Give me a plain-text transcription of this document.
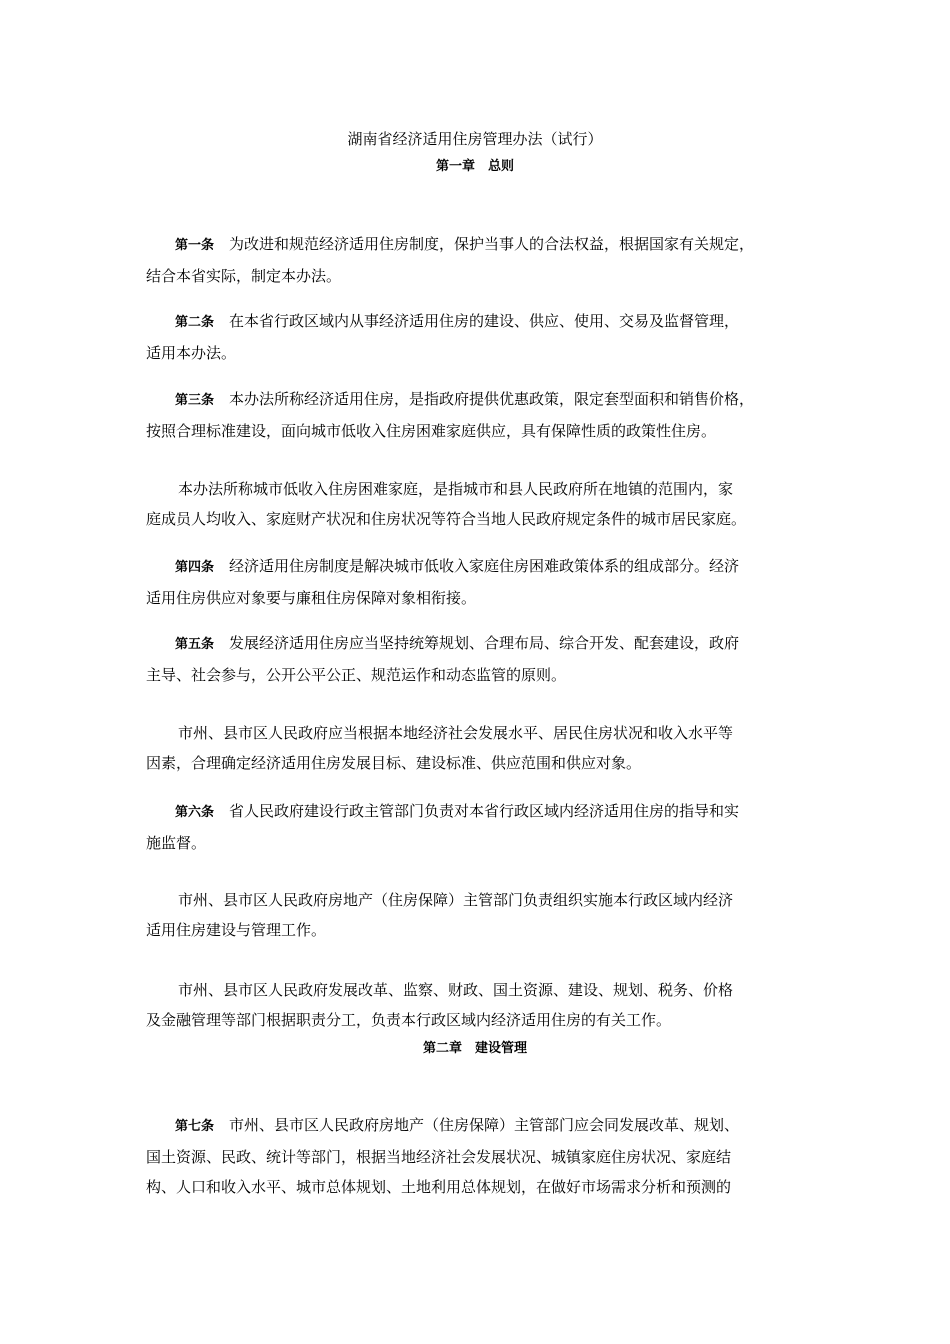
湖南省经济适用住房管理办法（试行）
第一章　总则
第一条 为改进和规范经济适用住房制度，保护当事人的合法权益，根据国家有关规定，
结合本省实际，制定本办法。
第二条 在本省行政区域内从事经济适用住房的建设、供应、使用、交易及监督管理，
适用本办法。
第三条 本办法所称经济适用住房，是指政府提供优惠政策，限定套型面积和销售价格，
按照合理标准建设，面向城市低收入住房困难家庭供应，具有保障性质的政策性住房。
本办法所称城市低收入住房困难家庭，是指城市和县人民政府所在地镇的范围内，家
庭成员人均收入、家庭财产状况和住房状况等符合当地人民政府规定条件的城市居民家庭。
第四条 经济适用住房制度是解决城市低收入家庭住房困难政策体系的组成部分。经济
适用住房供应对象要与廉租住房保障对象相衔接。
第五条 发展经济适用住房应当坚持统筹规划、合理布局、综合开发、配套建设，政府
主导、社会参与，公开公平公正、规范运作和动态监管的原则。
市州、县市区人民政府应当根据本地经济社会发展水平、居民住房状况和收入水平等
因素，合理确定经济适用住房发展目标、建设标准、供应范围和供应对象。
第六条 省人民政府建设行政主管部门负责对本省行政区域内经济适用住房的指导和实
施监督。
市州、县市区人民政府房地产（住房保障）主管部门负责组织实施本行政区域内经济
适用住房建设与管理工作。
市州、县市区人民政府发展改革、监察、财政、国土资源、建设、规划、税务、价格
及金融管理等部门根据职责分工，负责本行政区域内经济适用住房的有关工作。
第二章　建设管理
第七条 市州、县市区人民政府房地产（住房保障）主管部门应会同发展改革、规划、
国土资源、民政、统计等部门，根据当地经济社会发展状况、城镇家庭住房状况、家庭结
构、人口和收入水平、城市总体规划、土地利用总体规划，在做好市场需求分析和预测的
